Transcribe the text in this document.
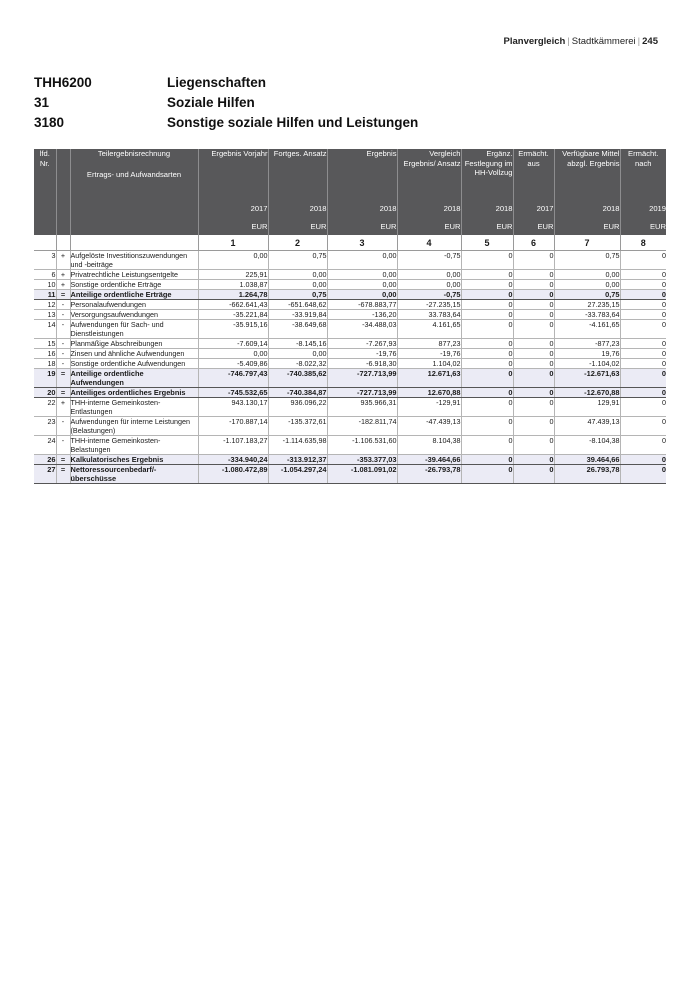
Planvergleich | Stadtkämmerei | 245
THH6200	Liegenschaften
31	Soziale Hilfen
3180	Sonstige soziale Hilfen und Leistungen
lfd. Nr.		Teilergebnisrechnung
Ertrags- und Aufwandsarten	Ergebnis Vorjahr	Fortges. Ansatz	Ergebnis	Vergleich Ergebnis/ Ansatz	Ergänz. Festlegung im HH-Vollzug	Ermächt. aus	Verfügbare Mittel abzgl. Ergebnis	Ermächt. nach
			2017	2018	2018	2018	2018	2017	2018	2019
			EUR	EUR	EUR	EUR	EUR	EUR	EUR	EUR
			1	2	3	4	5	6	7	8
3	+	Aufgelöste Investitionszuwendungen und -beiträge	0,00	0,75	0,00	-0,75	0	0	0,75	0
6	+	Privatrechtliche Leistungsentgelte	225,91	0,00	0,00	0,00	0	0	0,00	0
10	+	Sonstige ordentliche Erträge	1.038,87	0,00	0,00	0,00	0	0	0,00	0
11	=	Anteilige ordentliche Erträge	1.264,78	0,75	0,00	-0,75	0	0	0,75	0
12	-	Personalaufwendungen	-662.641,43	-651.648,62	-678.883,77	-27.235,15	0	0	27.235,15	0
13	-	Versorgungsaufwendungen	-35.221,84	-33.919,84	-136,20	33.783,64	0	0	-33.783,64	0
14	-	Aufwendungen für Sach- und Dienstleistungen	-35.915,16	-38.649,68	-34.488,03	4.161,65	0	0	-4.161,65	0
15	-	Planmäßige Abschreibungen	-7.609,14	-8.145,16	-7.267,93	877,23	0	0	-877,23	0
16	-	Zinsen und ähnliche Aufwendungen	0,00	0,00	-19,76	-19,76	0	0	19,76	0
18	-	Sonstige ordentliche Aufwendungen	-5.409,86	-8.022,32	-6.918,30	1.104,02	0	0	-1.104,02	0
19	=	Anteilige ordentliche Aufwendungen	-746.797,43	-740.385,62	-727.713,99	12.671,63	0	0	-12.671,63	0
20	=	Anteiliges ordentliches Ergebnis	-745.532,65	-740.384,87	-727.713,99	12.670,88	0	0	-12.670,88	0
22	+	THH-interne Gemeinkosten-Entlastungen	943.130,17	936.096,22	935.966,31	-129,91	0	0	129,91	0
23	-	Aufwendungen für interne Leistungen (Belastungen)	-170.887,14	-135.372,61	-182.811,74	-47.439,13	0	0	47.439,13	0
24	-	THH-interne Gemeinkosten-Belastungen	-1.107.183,27	-1.114.635,98	-1.106.531,60	8.104,38	0	0	-8.104,38	0
26	=	Kalkulatorisches Ergebnis	-334.940,24	-313.912,37	-353.377,03	-39.464,66	0	0	39.464,66	0
27	=	Nettoressourcenbedarf/-überschüsse	-1.080.472,89	-1.054.297,24	-1.081.091,02	-26.793,78	0	0	26.793,78	0
